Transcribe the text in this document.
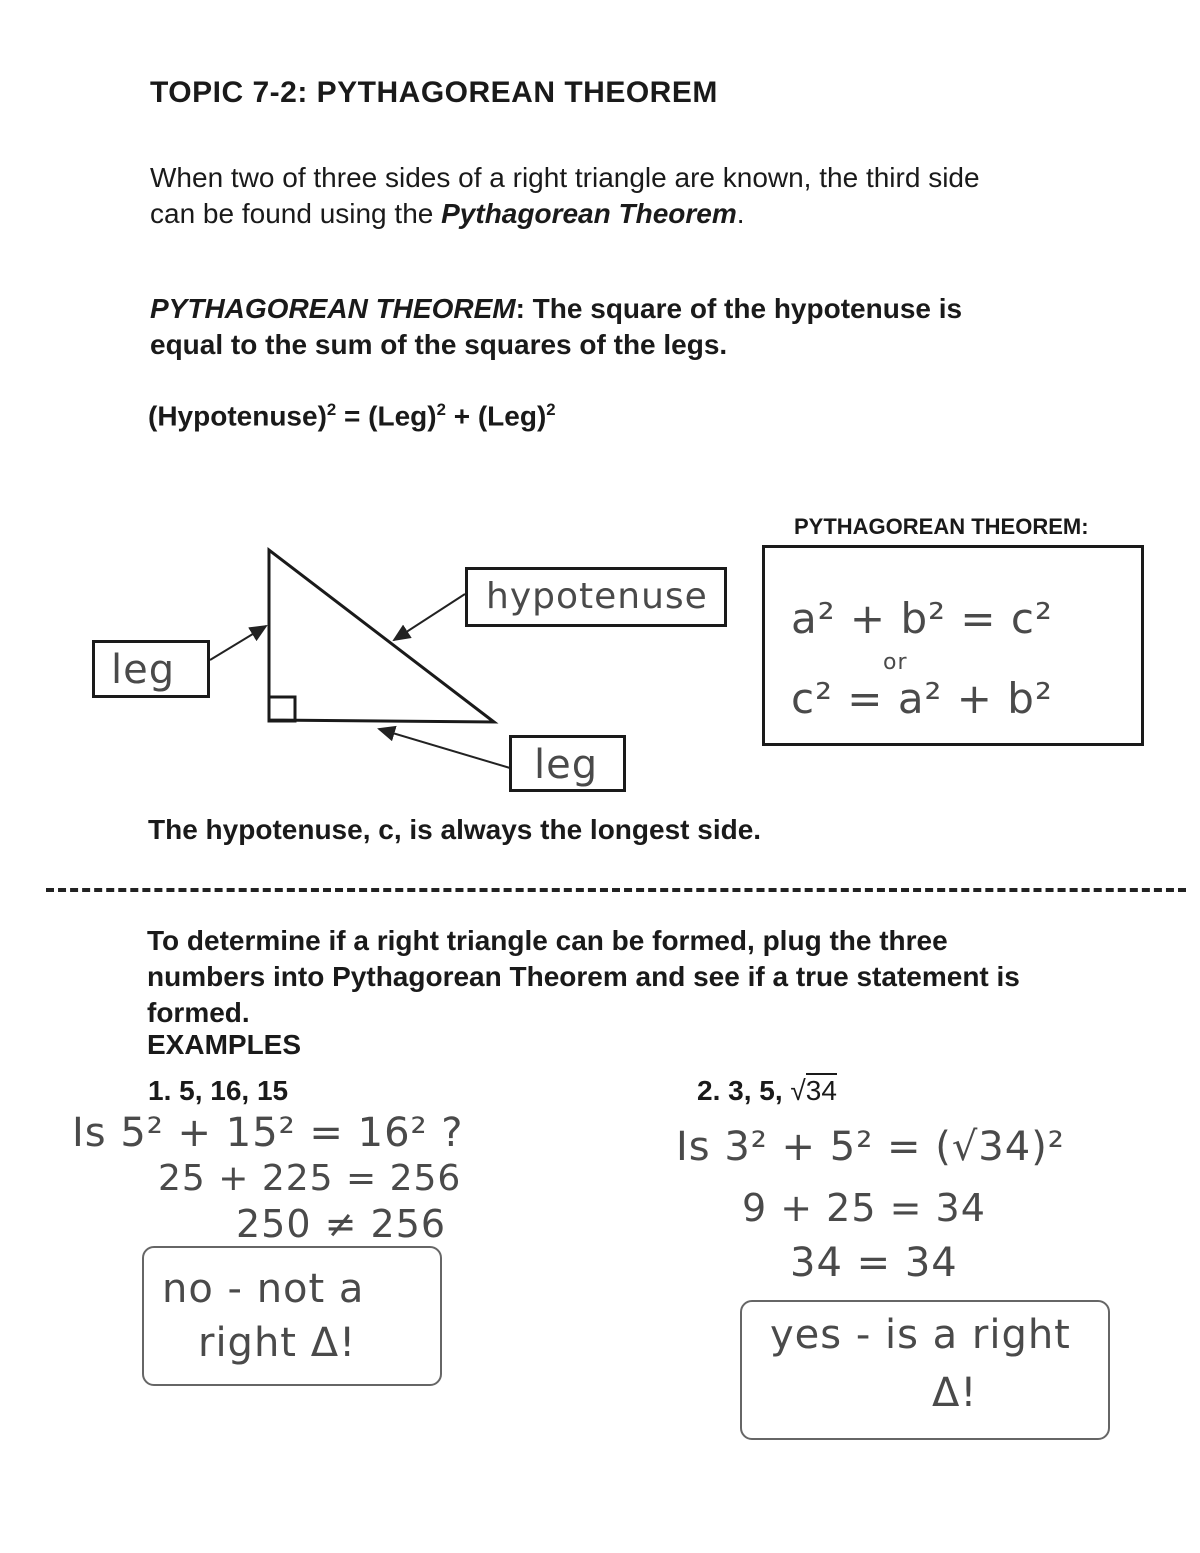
TOPIC 7-2: PYTHAGOREAN THEOREM
When two of three sides of a right triangle are known, the third side
can be found using the Pythagorean Theorem.
PYTHAGOREAN THEOREM: The square of the hypotenuse is
equal to the sum of the squares of the legs.
(Hypotenuse)$^2$ = (Leg)$^2$ + (Leg)$^2$
leg
hypotenuse
leg
PYTHAGOREAN THEOREM:
a² + b² = c²
or
c² = a² + b²
The hypotenuse, c, is always the longest side.
To determine if a right triangle can be formed, plug the three
numbers into Pythagorean Theorem and see if a true statement is
formed.
EXAMPLES
1. 5, 16, 15
Is 5² + 15² = 16² ?
25 + 225 = 256
250 ≠ 256
no - not a
right Δ!
2. 3, 5, √34
Is 3² + 5² = (√34)²
9 + 25 = 34
34 = 34
yes - is a right
Δ!
